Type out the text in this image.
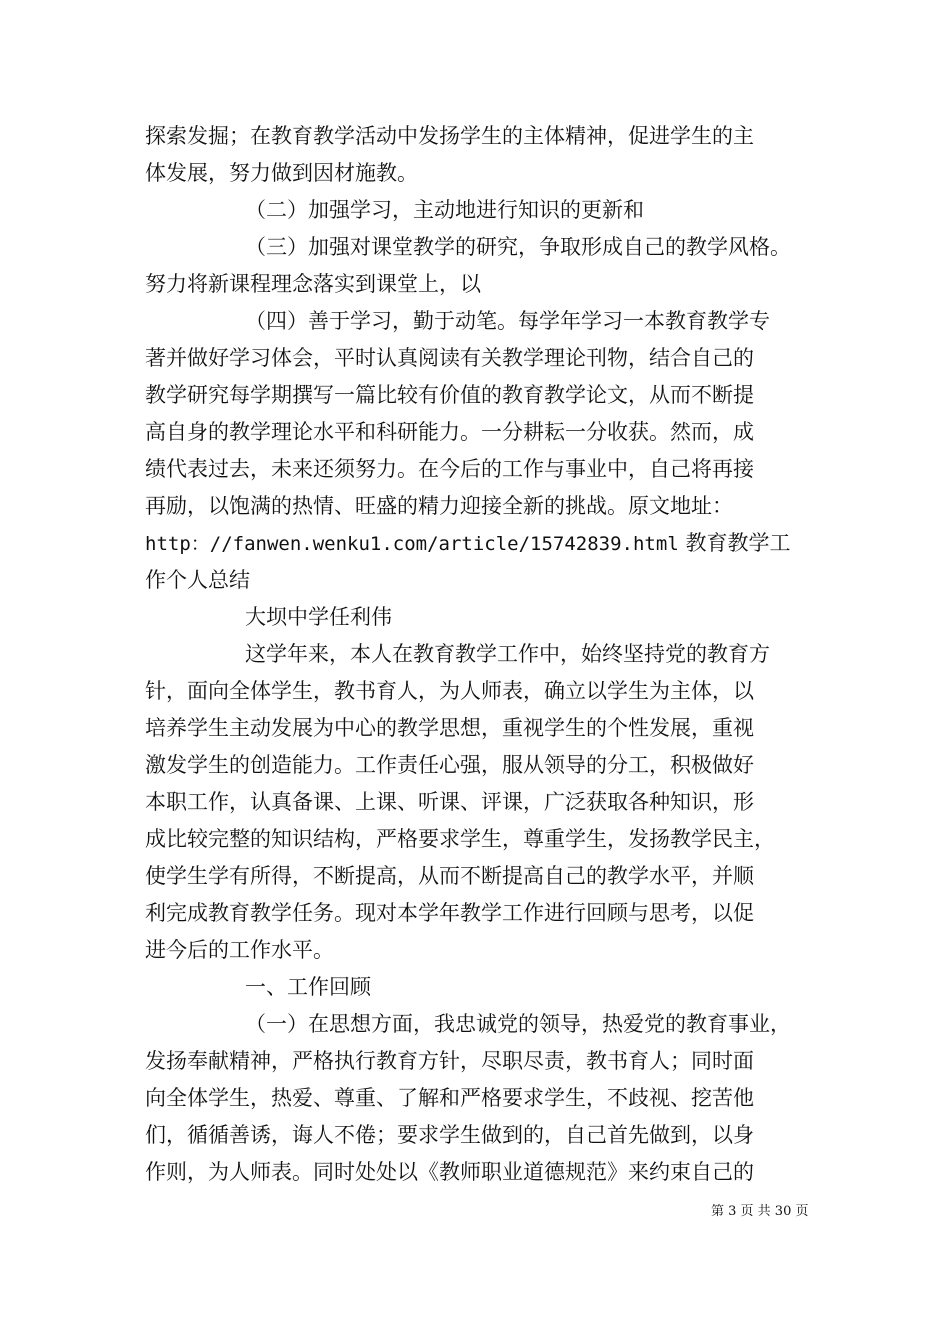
探索发掘；在教育教学活动中发扬学生的主体精神，促进学生的主
体发展，努力做到因材施教。
（二）加强学习，主动地进行知识的更新和
（三）加强对课堂教学的研究，争取形成自己的教学风格。
努力将新课程理念落实到课堂上，以
（四）善于学习，勤于动笔。每学年学习一本教育教学专
著并做好学习体会，平时认真阅读有关教学理论刊物，结合自己的
教学研究每学期撰写一篇比较有价值的教育教学论文，从而不断提
高自身的教学理论水平和科研能力。一分耕耘一分收获。然而，成
绩代表过去，未来还须努力。在今后的工作与事业中，自己将再接
再励，以饱满的热情、旺盛的精力迎接全新的挑战。原文地址：
http：//fanwen.wenku1.com/article/15742839.html 教育教学工
作个人总结
大坝中学任利伟
这学年来，本人在教育教学工作中，始终坚持党的教育方
针，面向全体学生，教书育人，为人师表，确立以学生为主体，以
培养学生主动发展为中心的教学思想，重视学生的个性发展，重视
激发学生的创造能力。工作责任心强，服从领导的分工，积极做好
本职工作，认真备课、上课、听课、评课，广泛获取各种知识，形
成比较完整的知识结构，严格要求学生，尊重学生，发扬教学民主，
使学生学有所得，不断提高，从而不断提高自己的教学水平，并顺
利完成教育教学任务。现对本学年教学工作进行回顾与思考，以促
进今后的工作水平。
一、工作回顾
（一）在思想方面，我忠诚党的领导，热爱党的教育事业，
发扬奉献精神，严格执行教育方针，尽职尽责，教书育人；同时面
向全体学生，热爱、尊重、了解和严格要求学生，不歧视、挖苦他
们，循循善诱，诲人不倦；要求学生做到的，自己首先做到，以身
作则，为人师表。同时处处以《教师职业道德规范》来约束自己的
第 3 页 共 30 页
